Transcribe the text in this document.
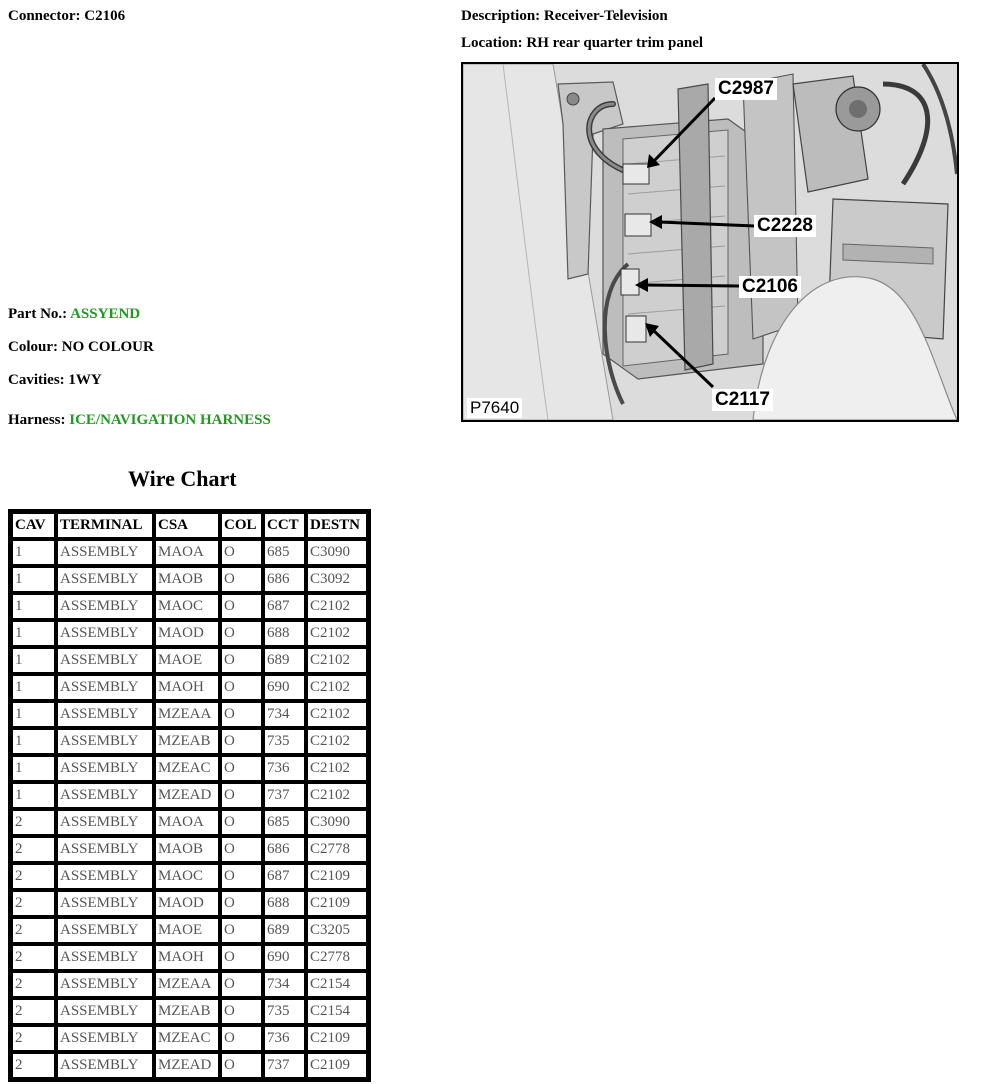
Connector: C2106
Part No.: ASSYEND
Colour: NO COLOUR
Cavities: 1WY
Harness: ICE/NAVIGATION HARNESS
Description: Receiver-Television
Location: RH rear quarter trim panel
C2987
C2228
C2106
C2117
P7640
Wire Chart
CAV	TERMINAL	CSA	COL	CCT	DESTN
1	ASSEMBLY	MAOA	O	685	C3090
1	ASSEMBLY	MAOB	O	686	C3092
1	ASSEMBLY	MAOC	O	687	C2102
1	ASSEMBLY	MAOD	O	688	C2102
1	ASSEMBLY	MAOE	O	689	C2102
1	ASSEMBLY	MAOH	O	690	C2102
1	ASSEMBLY	MZEAA	O	734	C2102
1	ASSEMBLY	MZEAB	O	735	C2102
1	ASSEMBLY	MZEAC	O	736	C2102
1	ASSEMBLY	MZEAD	O	737	C2102
2	ASSEMBLY	MAOA	O	685	C3090
2	ASSEMBLY	MAOB	O	686	C2778
2	ASSEMBLY	MAOC	O	687	C2109
2	ASSEMBLY	MAOD	O	688	C2109
2	ASSEMBLY	MAOE	O	689	C3205
2	ASSEMBLY	MAOH	O	690	C2778
2	ASSEMBLY	MZEAA	O	734	C2154
2	ASSEMBLY	MZEAB	O	735	C2154
2	ASSEMBLY	MZEAC	O	736	C2109
2	ASSEMBLY	MZEAD	O	737	C2109
